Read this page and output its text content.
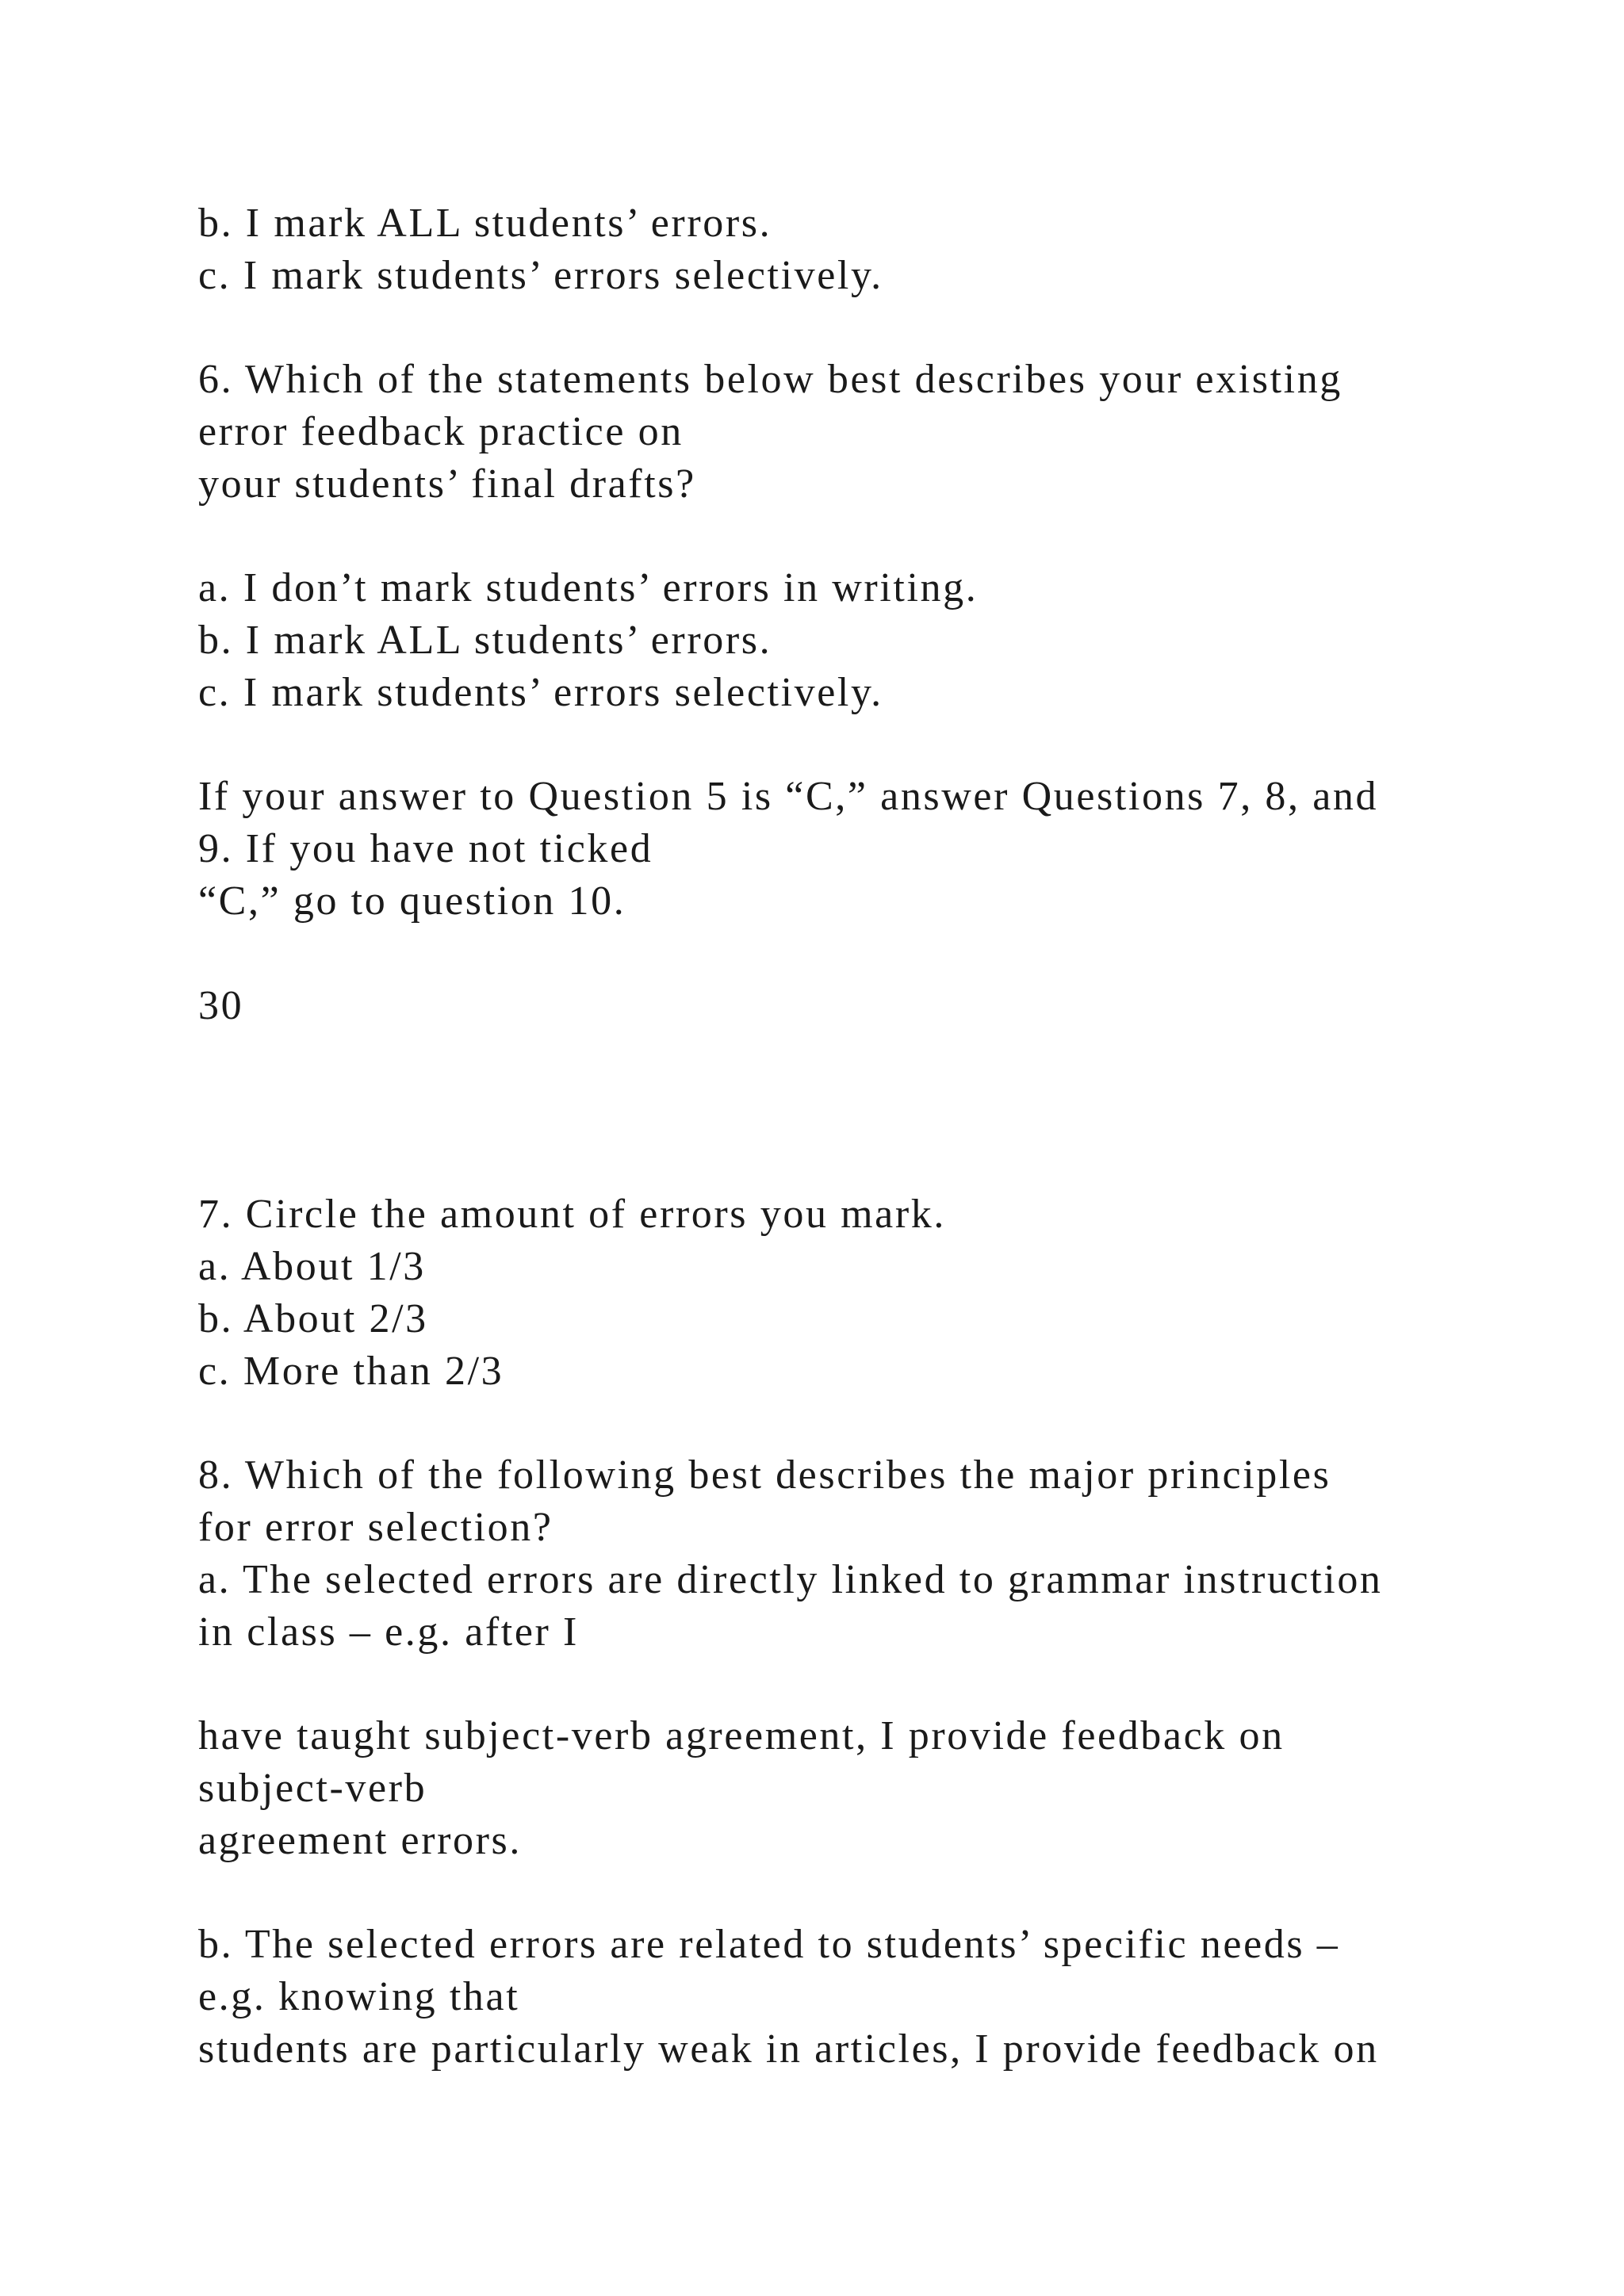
b. I mark ALL students’ errors.
c. I mark students’ errors selectively.
6. Which of the statements below best describes your existing
error feedback practice on
your students’ final drafts?
a. I don’t mark students’ errors in writing.
b. I mark ALL students’ errors.
c. I mark students’ errors selectively.
If your answer to Question 5 is “C,” answer Questions 7, 8, and
9. If you have not ticked
“C,” go to question 10.
30
7. Circle the amount of errors you mark.
a. About 1/3
b. About 2/3
c. More than 2/3
8. Which of the following best describes the major principles
for error selection?
a. The selected errors are directly linked to grammar instruction
in class – e.g. after I
have taught subject-verb agreement, I provide feedback on
subject-verb
agreement errors.
b. The selected errors are related to students’ specific needs –
e.g. knowing that
students are particularly weak in articles, I provide feedback on
